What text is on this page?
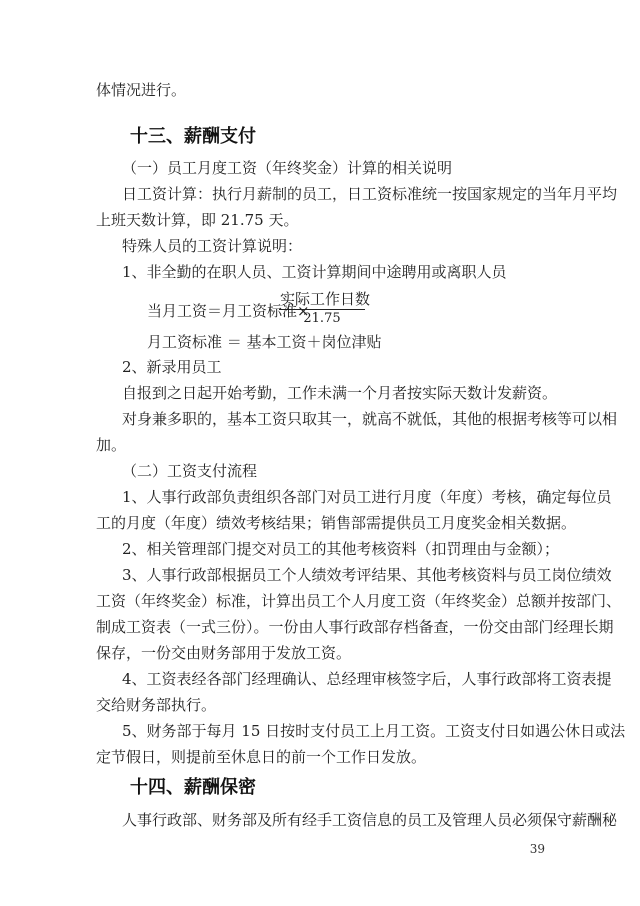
体情况进行。
十三、薪酬支付
（一）员工月度工资（年终奖金）计算的相关说明
日工资计算：执行月薪制的员工，日工资标准统一按国家规定的当年月平均
上班天数计算，即 21.75 天。
特殊人员的工资计算说明：
1、非全勤的在职人员、工资计算期间中途聘用或离职人员
当月工资＝月工资标准×
实际工作日数
21.75
月工资标准 ＝ 基本工资＋岗位津贴
2、新录用员工
自报到之日起开始考勤，工作未满一个月者按实际天数计发薪资。
对身兼多职的，基本工资只取其一，就高不就低，其他的根据考核等可以相
加。
（二）工资支付流程
1、人事行政部负责组织各部门对员工进行月度（年度）考核，确定每位员
工的月度（年度）绩效考核结果；销售部需提供员工月度奖金相关数据。
2、相关管理部门提交对员工的其他考核资料（扣罚理由与金额）；
3、人事行政部根据员工个人绩效考评结果、其他考核资料与员工岗位绩效
工资（年终奖金）标准，计算出员工个人月度工资（年终奖金）总额并按部门、
制成工资表（一式三份）。一份由人事行政部存档备查，一份交由部门经理长期
保存，一份交由财务部用于发放工资。
4、工资表经各部门经理确认、总经理审核签字后，人事行政部将工资表提
交给财务部执行。
5、财务部于每月 15 日按时支付员工上月工资。工资支付日如遇公休日或法
定节假日，则提前至休息日的前一个工作日发放。
十四、薪酬保密
人事行政部、财务部及所有经手工资信息的员工及管理人员必须保守薪酬秘
39
